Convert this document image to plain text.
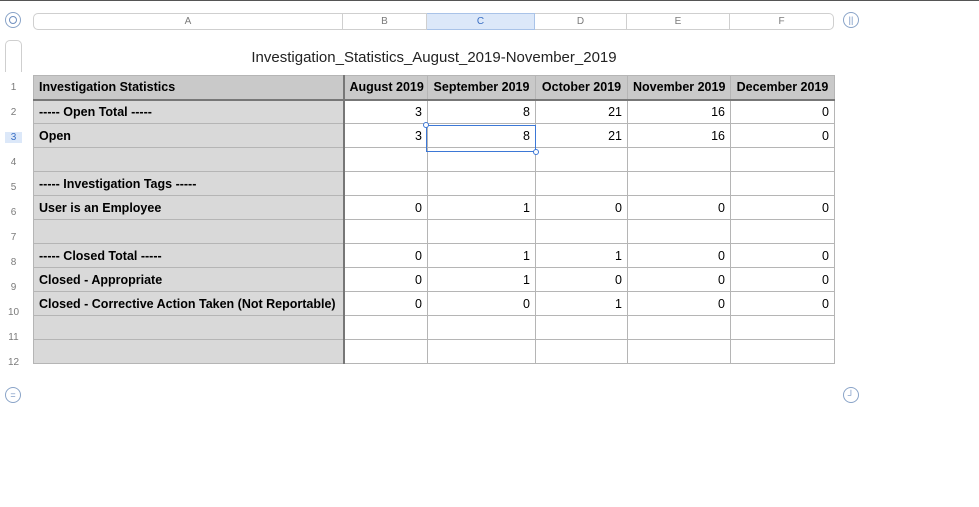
||
=	┘
A	B	C	D	E	F
1
2
3
4
5
6
7
8
9
10
11
12
Investigation_Statistics_August_2019-November_2019
Investigation Statistics	August 2019	September 2019	October 2019	November 2019	December 2019
----- Open Total -----	3	8	21	16	0
Open	3	8	21	16	0

----- Investigation Tags -----					
User is an Employee	0	1	0	0	0

----- Closed Total -----	0	1	1	0	0
Closed - Appropriate	0	1	0	0	0
Closed - Corrective Action Taken (Not Reportable)	0	0	1	0	0
